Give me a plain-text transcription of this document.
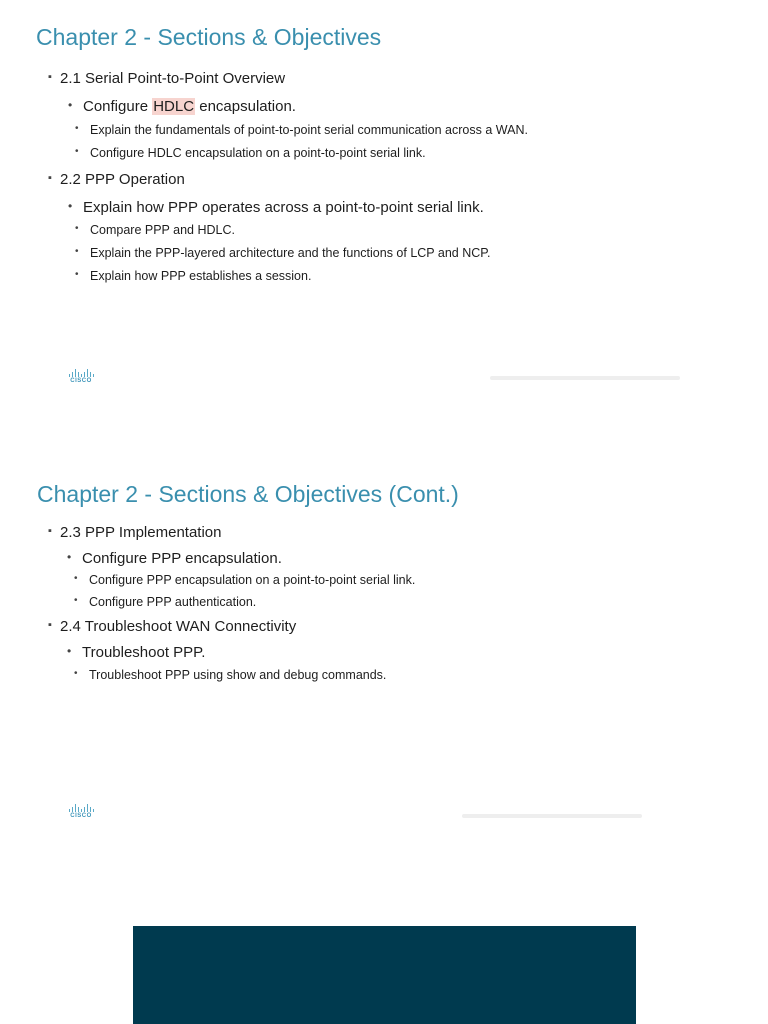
Chapter 2 - Sections & Objectives
▪ 2.1 Serial Point-to-Point Overview
• Configure HDLC encapsulation.
• Explain the fundamentals of point-to-point serial communication across a WAN.
• Configure HDLC encapsulation on a point-to-point serial link.
▪ 2.2 PPP Operation
• Explain how PPP operates across a point-to-point serial link.
• Compare PPP and HDLC.
• Explain the PPP-layered architecture and the functions of LCP and NCP.
• Explain how PPP establishes a session.
CISCO
Chapter 2 - Sections & Objectives (Cont.)
▪ 2.3 PPP Implementation
• Configure PPP encapsulation.
• Configure PPP encapsulation on a point-to-point serial link.
• Configure PPP authentication.
▪ 2.4 Troubleshoot WAN Connectivity
• Troubleshoot PPP.
• Troubleshoot PPP using show and debug commands.
CISCO
